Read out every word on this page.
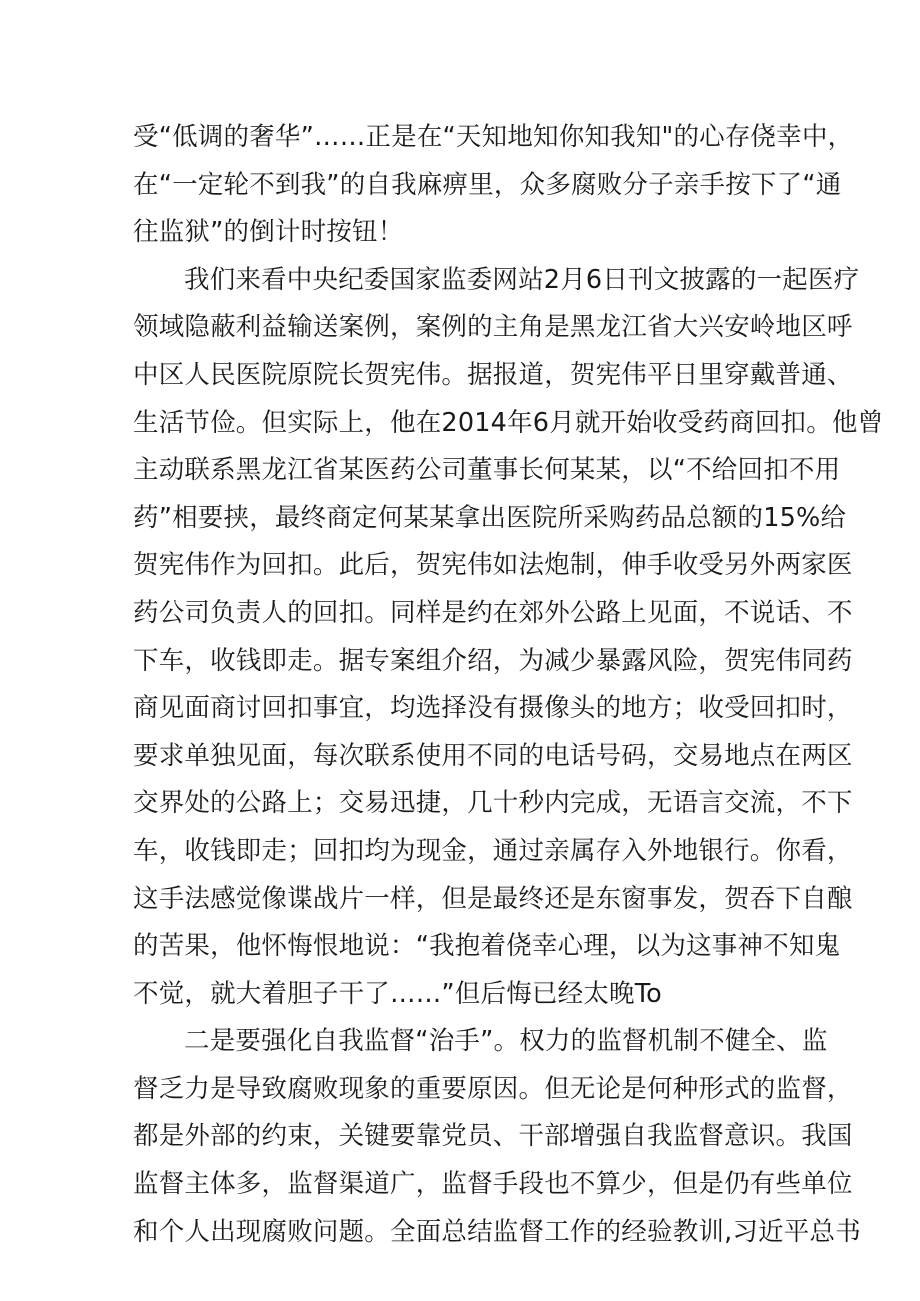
受“低调的奢华”……正是在“天知地知你知我知"的心存侥幸中，
在“一定轮不到我”的自我麻痹里，众多腐败分子亲手按下了“通
往监狱”的倒计时按钮！
我们来看中央纪委国家监委网站2月6日刊文披露的一起医疗
领域隐蔽利益输送案例，案例的主角是黑龙江省大兴安岭地区呼
中区人民医院原院长贺宪伟。据报道，贺宪伟平日里穿戴普通、
生活节俭。但实际上，他在2014年6月就开始收受药商回扣。他曾
主动联系黑龙江省某医药公司董事长何某某，以“不给回扣不用
药”相要挟，最终商定何某某拿出医院所采购药品总额的15%给
贺宪伟作为回扣。此后，贺宪伟如法炮制，伸手收受另外两家医
药公司负责人的回扣。同样是约在郊外公路上见面，不说话、不
下车，收钱即走。据专案组介绍，为减少暴露风险，贺宪伟同药
商见面商讨回扣事宜，均选择没有摄像头的地方；收受回扣时，
要求单独见面，每次联系使用不同的电话号码，交易地点在两区
交界处的公路上；交易迅捷，几十秒内完成，无语言交流，不下
车，收钱即走；回扣均为现金，通过亲属存入外地银行。你看，
这手法感觉像谍战片一样，但是最终还是东窗事发，贺吞下自酿
的苦果，他怀悔恨地说：“我抱着侥幸心理，以为这事神不知鬼
不觉，就大着胆子干了……”但后悔已经太晚To
二是要强化自我监督“治手”。权力的监督机制不健全、监
督乏力是导致腐败现象的重要原因。但无论是何种形式的监督，
都是外部的约束，关键要靠党员、干部增强自我监督意识。我国
监督主体多，监督渠道广，监督手段也不算少，但是仍有些单位
和个人出现腐败问题。全面总结监督工作的经验教训,习近平总书
